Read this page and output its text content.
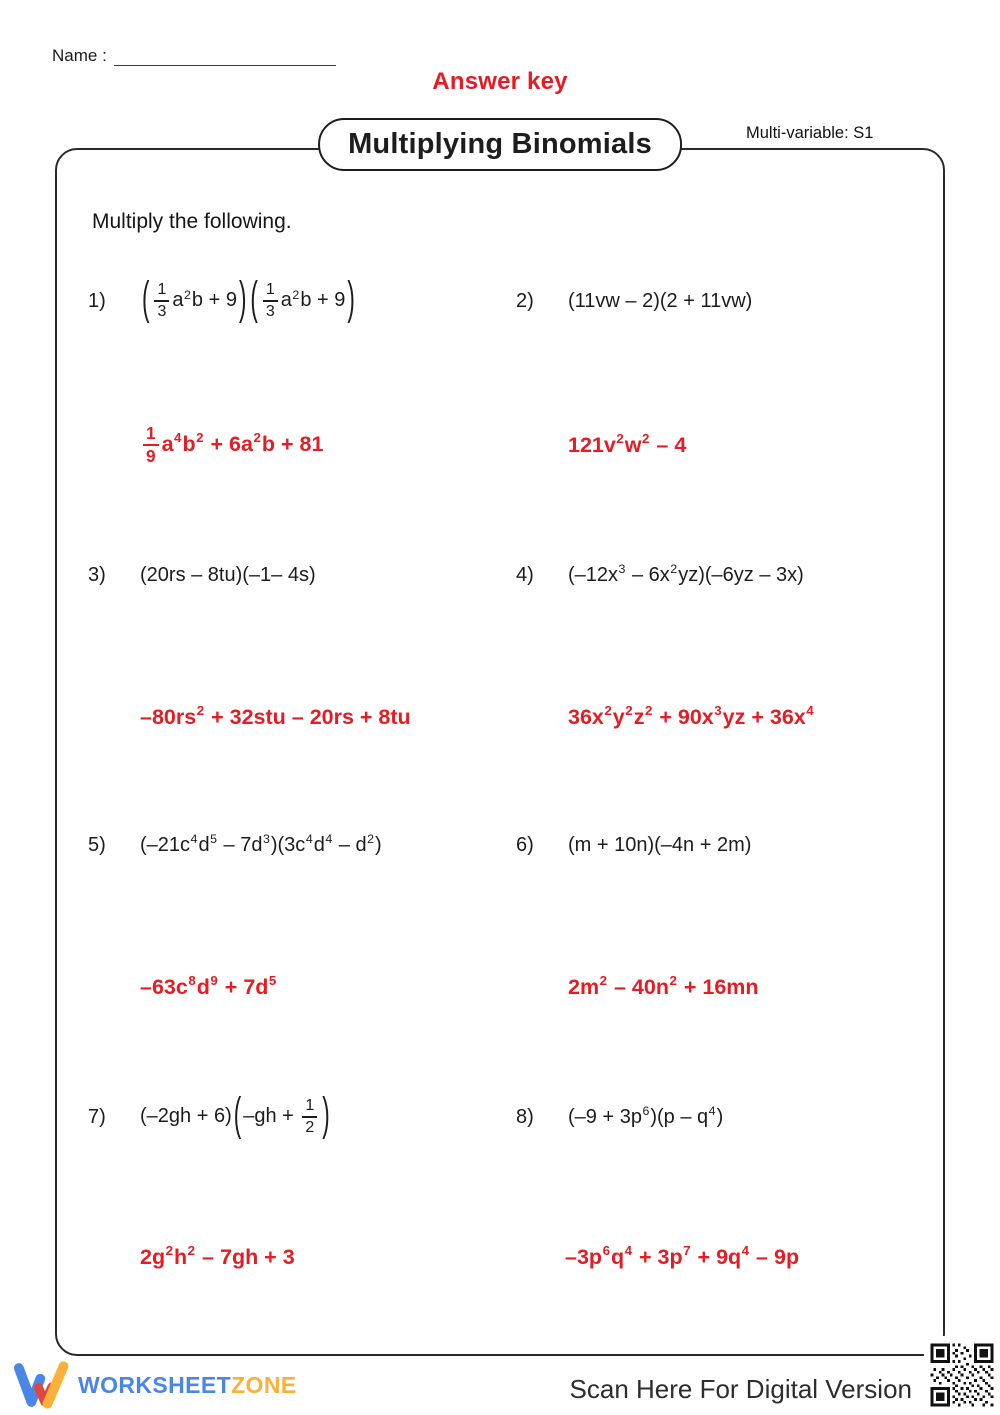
Name :
Answer key
Multiplying Binomials	Multi-variable: S1
Multiply the following.
1)	( $\frac{1}{3} a^2b + 9$) ( $\frac{1}{3} a^2b + 9$)	2)	(11vw – 2)(2 + 11vw)
$\frac{1}{9} a^4b^2 + 6a^2b + 81$	$121v^2w^2 - 4$
3)	(20rs – 8tu)(–1– 4s)	4)	$(-12x^3 - 6x^2yz)(-6yz - 3x)$
$-80rs^2 + 32stu - 20rs + 8tu$	$36x^2y^2z^2 + 90x^3yz + 36x^4$
5)	$(-21c^4d^5 - 7d^3)(3c^4d^4 - d^2)$	6)	(m + 10n)(–4n + 2m)
$-63c^8d^9 + 7d^5$	$2m^2 - 40n^2 + 16mn$
7)	(–2gh + 6)( $-gh + \frac{1}{2}$ )	8)	$(-9 + 3p^6)(p - q^4)$
$2g^2h^2 - 7gh + 3$	$-3p^6q^4 + 3p^7 + 9q^4 - 9p$
WORKSHEETZONE	Scan Here For Digital Version
